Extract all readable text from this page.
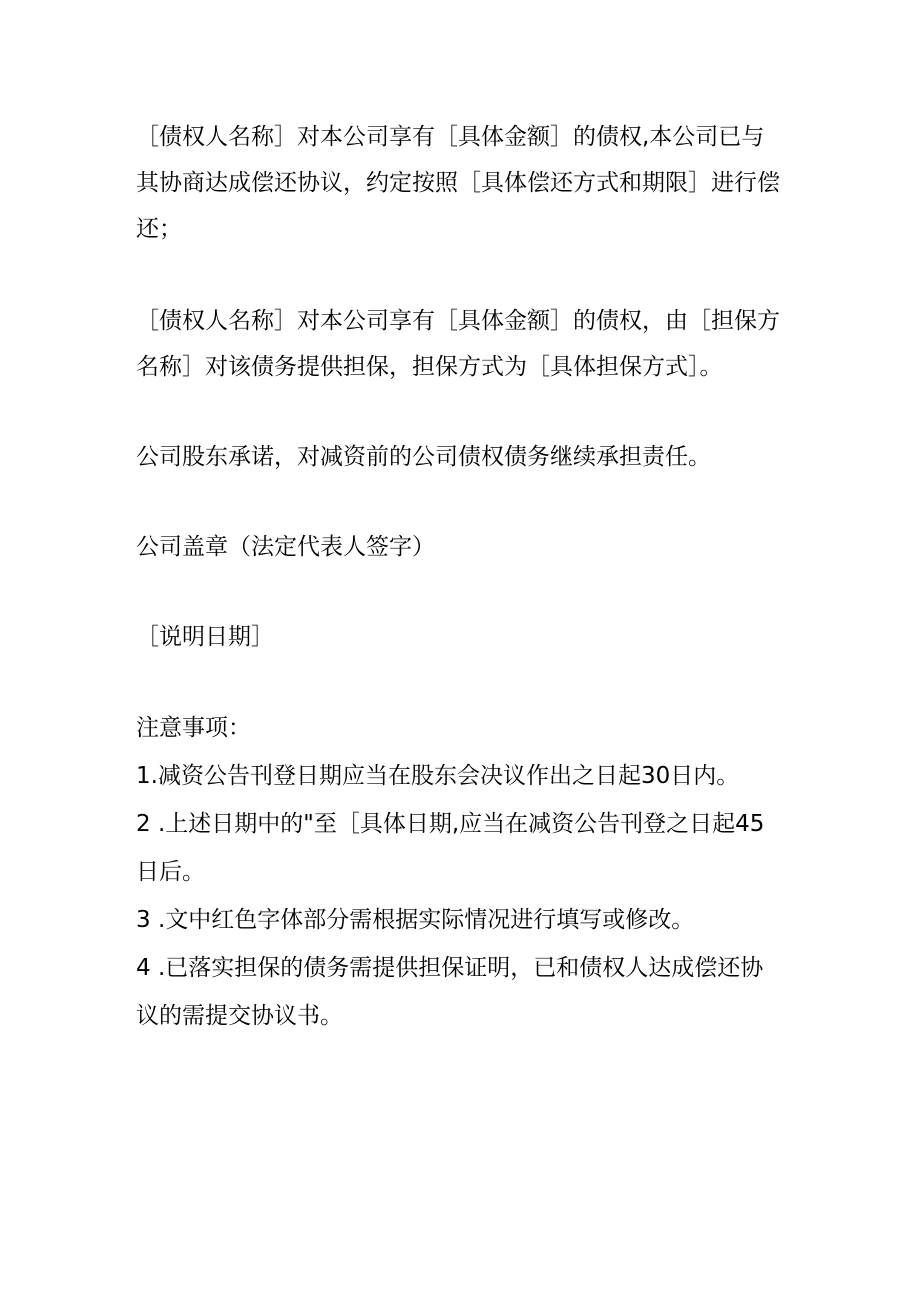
［债权人名称］对本公司享有［具体金额］的债权,本公司已与其协商达成偿还协议，约定按照［具体偿还方式和期限］进行偿还；

［债权人名称］对本公司享有［具体金额］的债权，由［担保方名称］对该债务提供担保，担保方式为［具体担保方式］。

公司股东承诺，对减资前的公司债权债务继续承担责任。

公司盖章（法定代表人签字）

［说明日期］

注意事项：

1.减资公告刊登日期应当在股东会决议作出之日起30日内。

2 .上述日期中的"至［具体日期,应当在减资公告刊登之日起45日后。

3 .文中红色字体部分需根据实际情况进行填写或修改。

4 .已落实担保的债务需提供担保证明，已和债权人达成偿还协议的需提交协议书。
